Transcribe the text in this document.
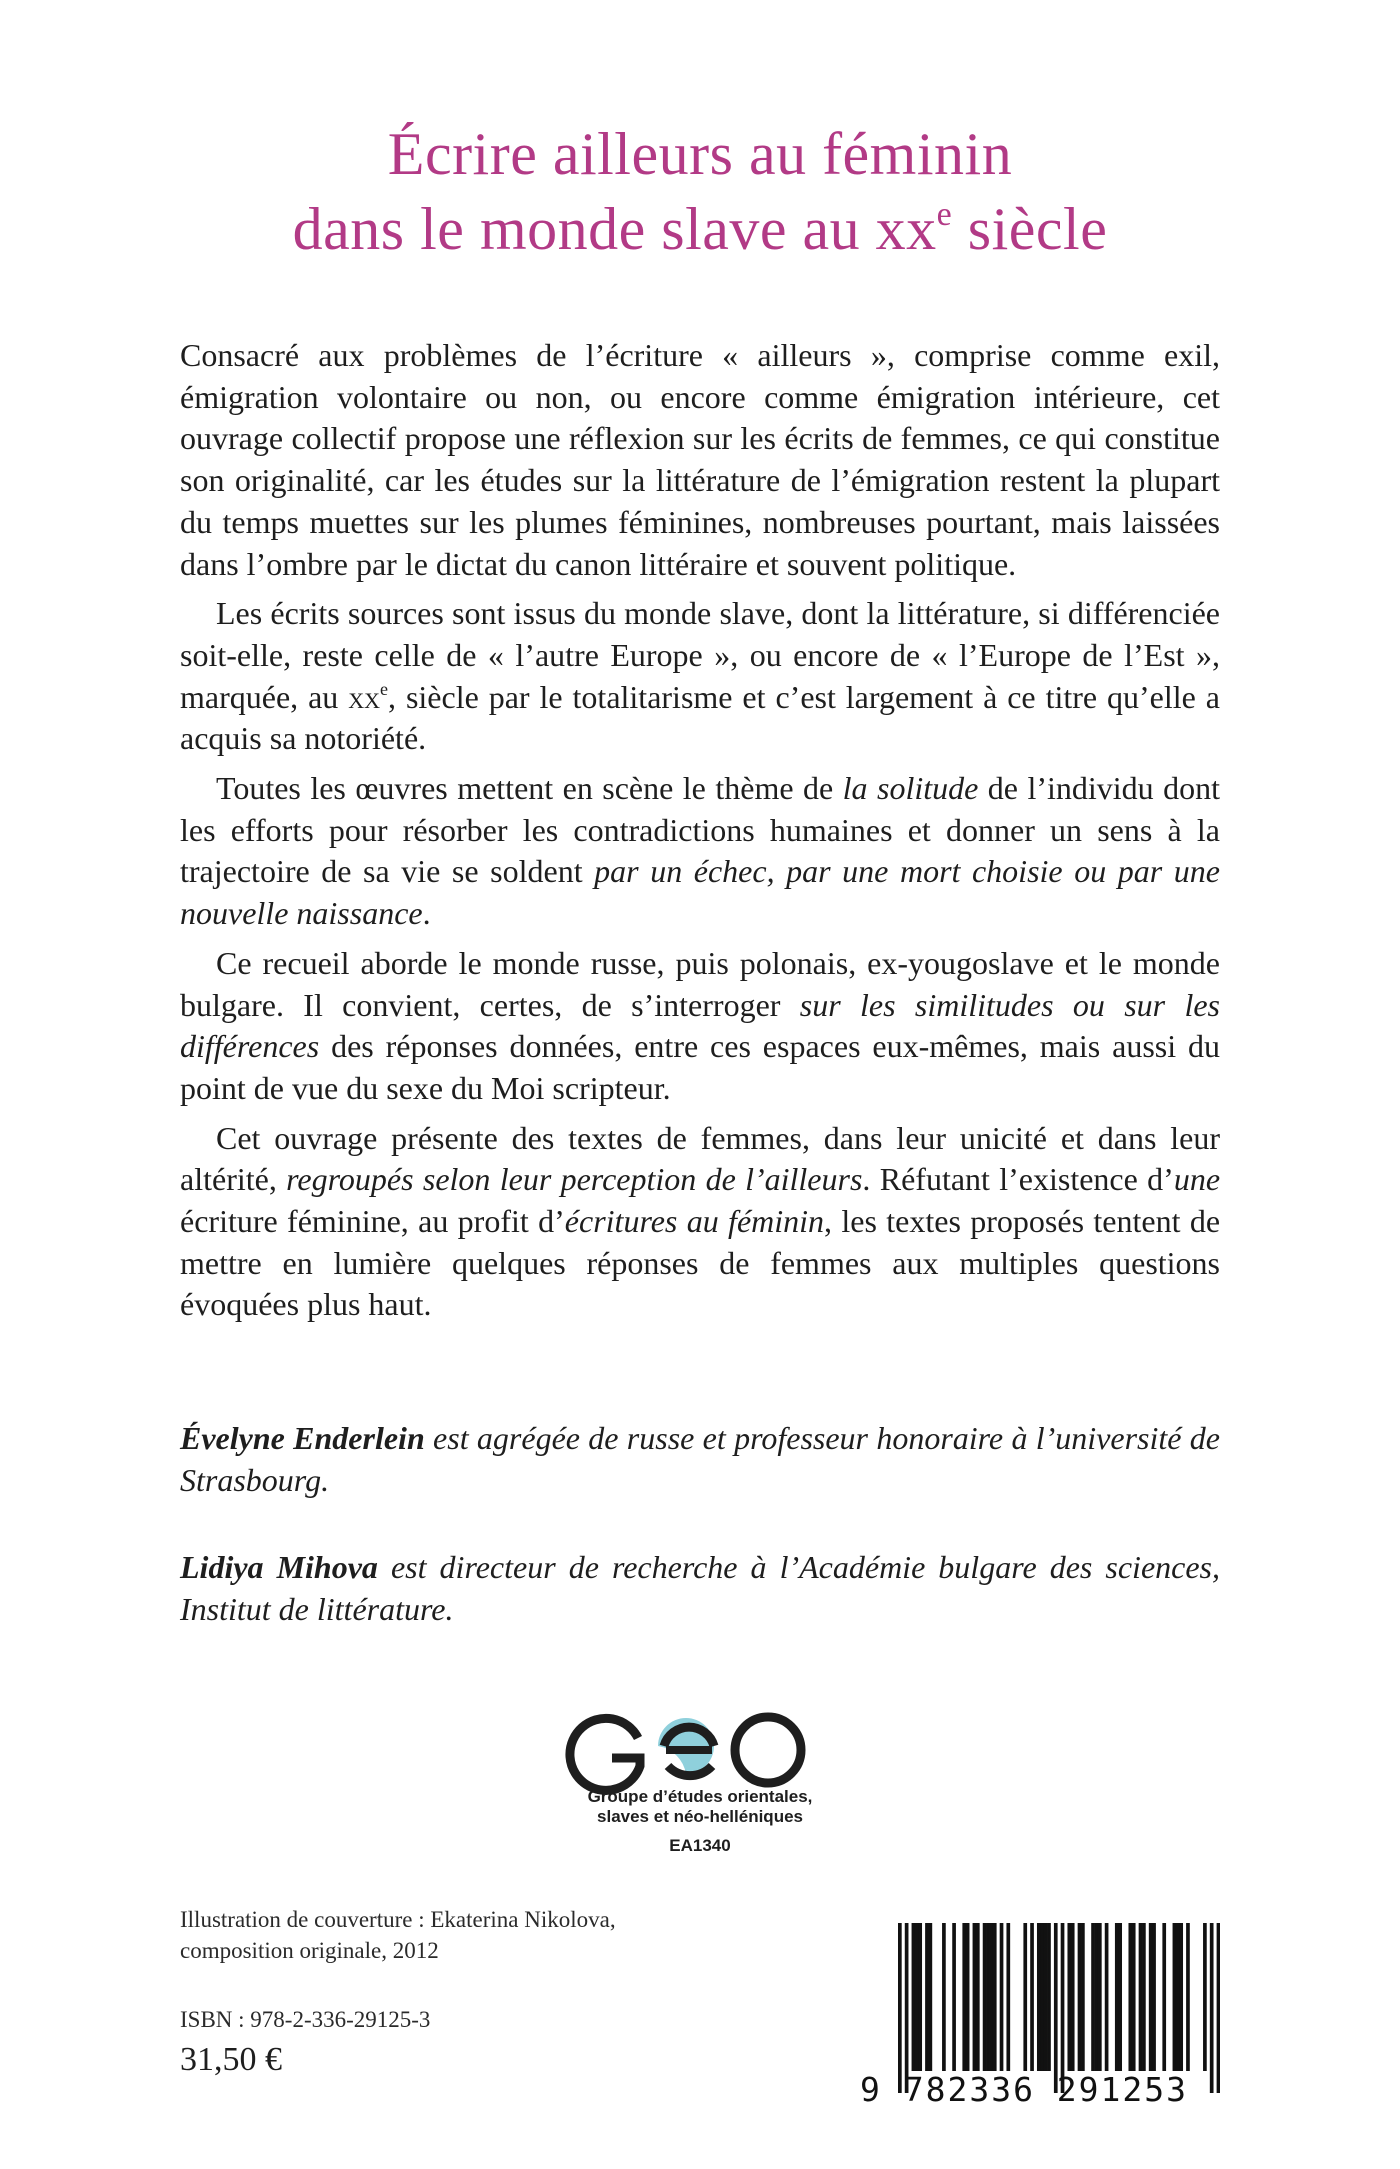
Écrire ailleurs au féminin
dans le monde slave au $xx^e$ siècle

Consacré aux problèmes de l’écriture « ailleurs », comprise comme exil, émigration volontaire ou non, ou encore comme émigration intérieure, cet ouvrage collectif propose une réflexion sur les écrits de femmes, ce qui constitue son originalité, car les études sur la littérature de l’émigration restent la plupart du temps muettes sur les plumes féminines, nombreuses pourtant, mais laissées dans l’ombre par le dictat du canon littéraire et souvent politique.

Les écrits sources sont issus du monde slave, dont la littérature, si différenciée soit-elle, reste celle de « l’autre Europe », ou encore de « l’Europe de l’Est », marquée, au $xx^e$, siècle par le totalitarisme et c’est largement à ce titre qu’elle a acquis sa notoriété.

Toutes les œuvres mettent en scène le thème de la solitude de l’individu dont les efforts pour résorber les contradictions humaines et donner un sens à la trajectoire de sa vie se soldent par un échec, par une mort choisie ou par une nouvelle naissance.

Ce recueil aborde le monde russe, puis polonais, ex-yougoslave et le monde bulgare. Il convient, certes, de s’interroger sur les similitudes ou sur les différences des réponses données, entre ces espaces eux-mêmes, mais aussi du point de vue du sexe du Moi scripteur.

Cet ouvrage présente des textes de femmes, dans leur unicité et dans leur altérité, regroupés selon leur perception de l’ailleurs. Réfutant l’existence d’une écriture féminine, au profit d’écritures au féminin, les textes proposés tentent de mettre en lumière quelques réponses de femmes aux multiples questions évoquées plus haut.

Évelyne Enderlein est agrégée de russe et professeur honoraire à l’université de Strasbourg.
Lidiya Mihova est directeur de recherche à l’Académie bulgare des sciences, Institut de littérature.
Groupe d’études orientales,
slaves et néo-helléniques
EA1340
Illustration de couverture : Ekaterina Nikolova,
composition originale, 2012
ISBN : 978-2-336-29125-3
31,50 €
9 782336 291253
